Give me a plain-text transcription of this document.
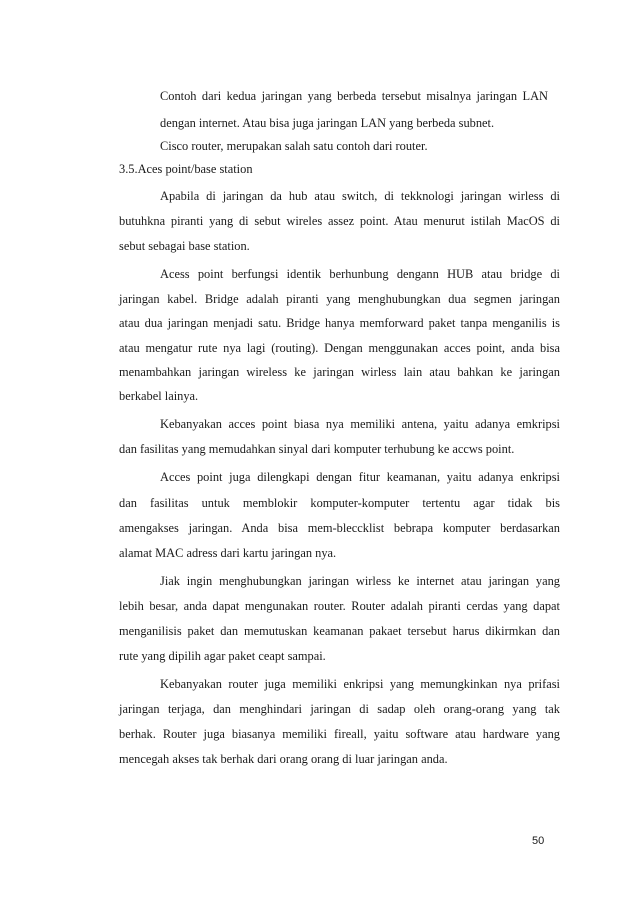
Contoh dari kedua jaringan yang berbeda tersebut misalnya jaringan LAN
dengan internet. Atau bisa juga jaringan LAN yang berbeda subnet.
Cisco router, merupakan salah satu contoh dari router.
3.5.Aces point/base station
Apabila di jaringan da hub atau switch, di tekknologi jaringan wirless di
butuhkna piranti yang di sebut wireles assez point. Atau menurut istilah MacOS di
sebut sebagai base station.
Acess point berfungsi identik berhunbung dengann HUB atau bridge di
jaringan kabel. Bridge adalah piranti yang menghubungkan dua segmen jaringan
atau dua jaringan menjadi satu. Bridge hanya memforward paket tanpa menganilis is
atau mengatur rute nya lagi (routing). Dengan menggunakan acces point, anda bisa
menambahkan jaringan wireless ke jaringan wirless lain atau bahkan ke jaringan
berkabel lainya.
Kebanyakan acces point biasa nya memiliki antena, yaitu adanya emkripsi
dan fasilitas yang memudahkan sinyal dari komputer terhubung ke accws point.
Acces point juga dilengkapi dengan fitur keamanan, yaitu adanya enkripsi
dan fasilitas untuk memblokir komputer-komputer tertentu agar tidak bis
amengakses jaringan. Anda bisa mem-bleccklist bebrapa komputer berdasarkan
alamat MAC adress dari kartu jaringan nya.
Jiak ingin menghubungkan jaringan wirless ke internet atau jaringan yang
lebih besar, anda dapat mengunakan router. Router adalah piranti cerdas yang dapat
menganilisis paket dan memutuskan keamanan pakaet tersebut harus dikirmkan dan
rute yang dipilih agar paket ceapt sampai.
Kebanyakan router juga memiliki enkripsi yang memungkinkan nya prifasi
jaringan terjaga, dan menghindari jaringan di sadap oleh orang-orang yang tak
berhak. Router juga biasanya memiliki fireall, yaitu software atau hardware yang
mencegah akses tak berhak dari orang orang di luar jaringan anda.
50
